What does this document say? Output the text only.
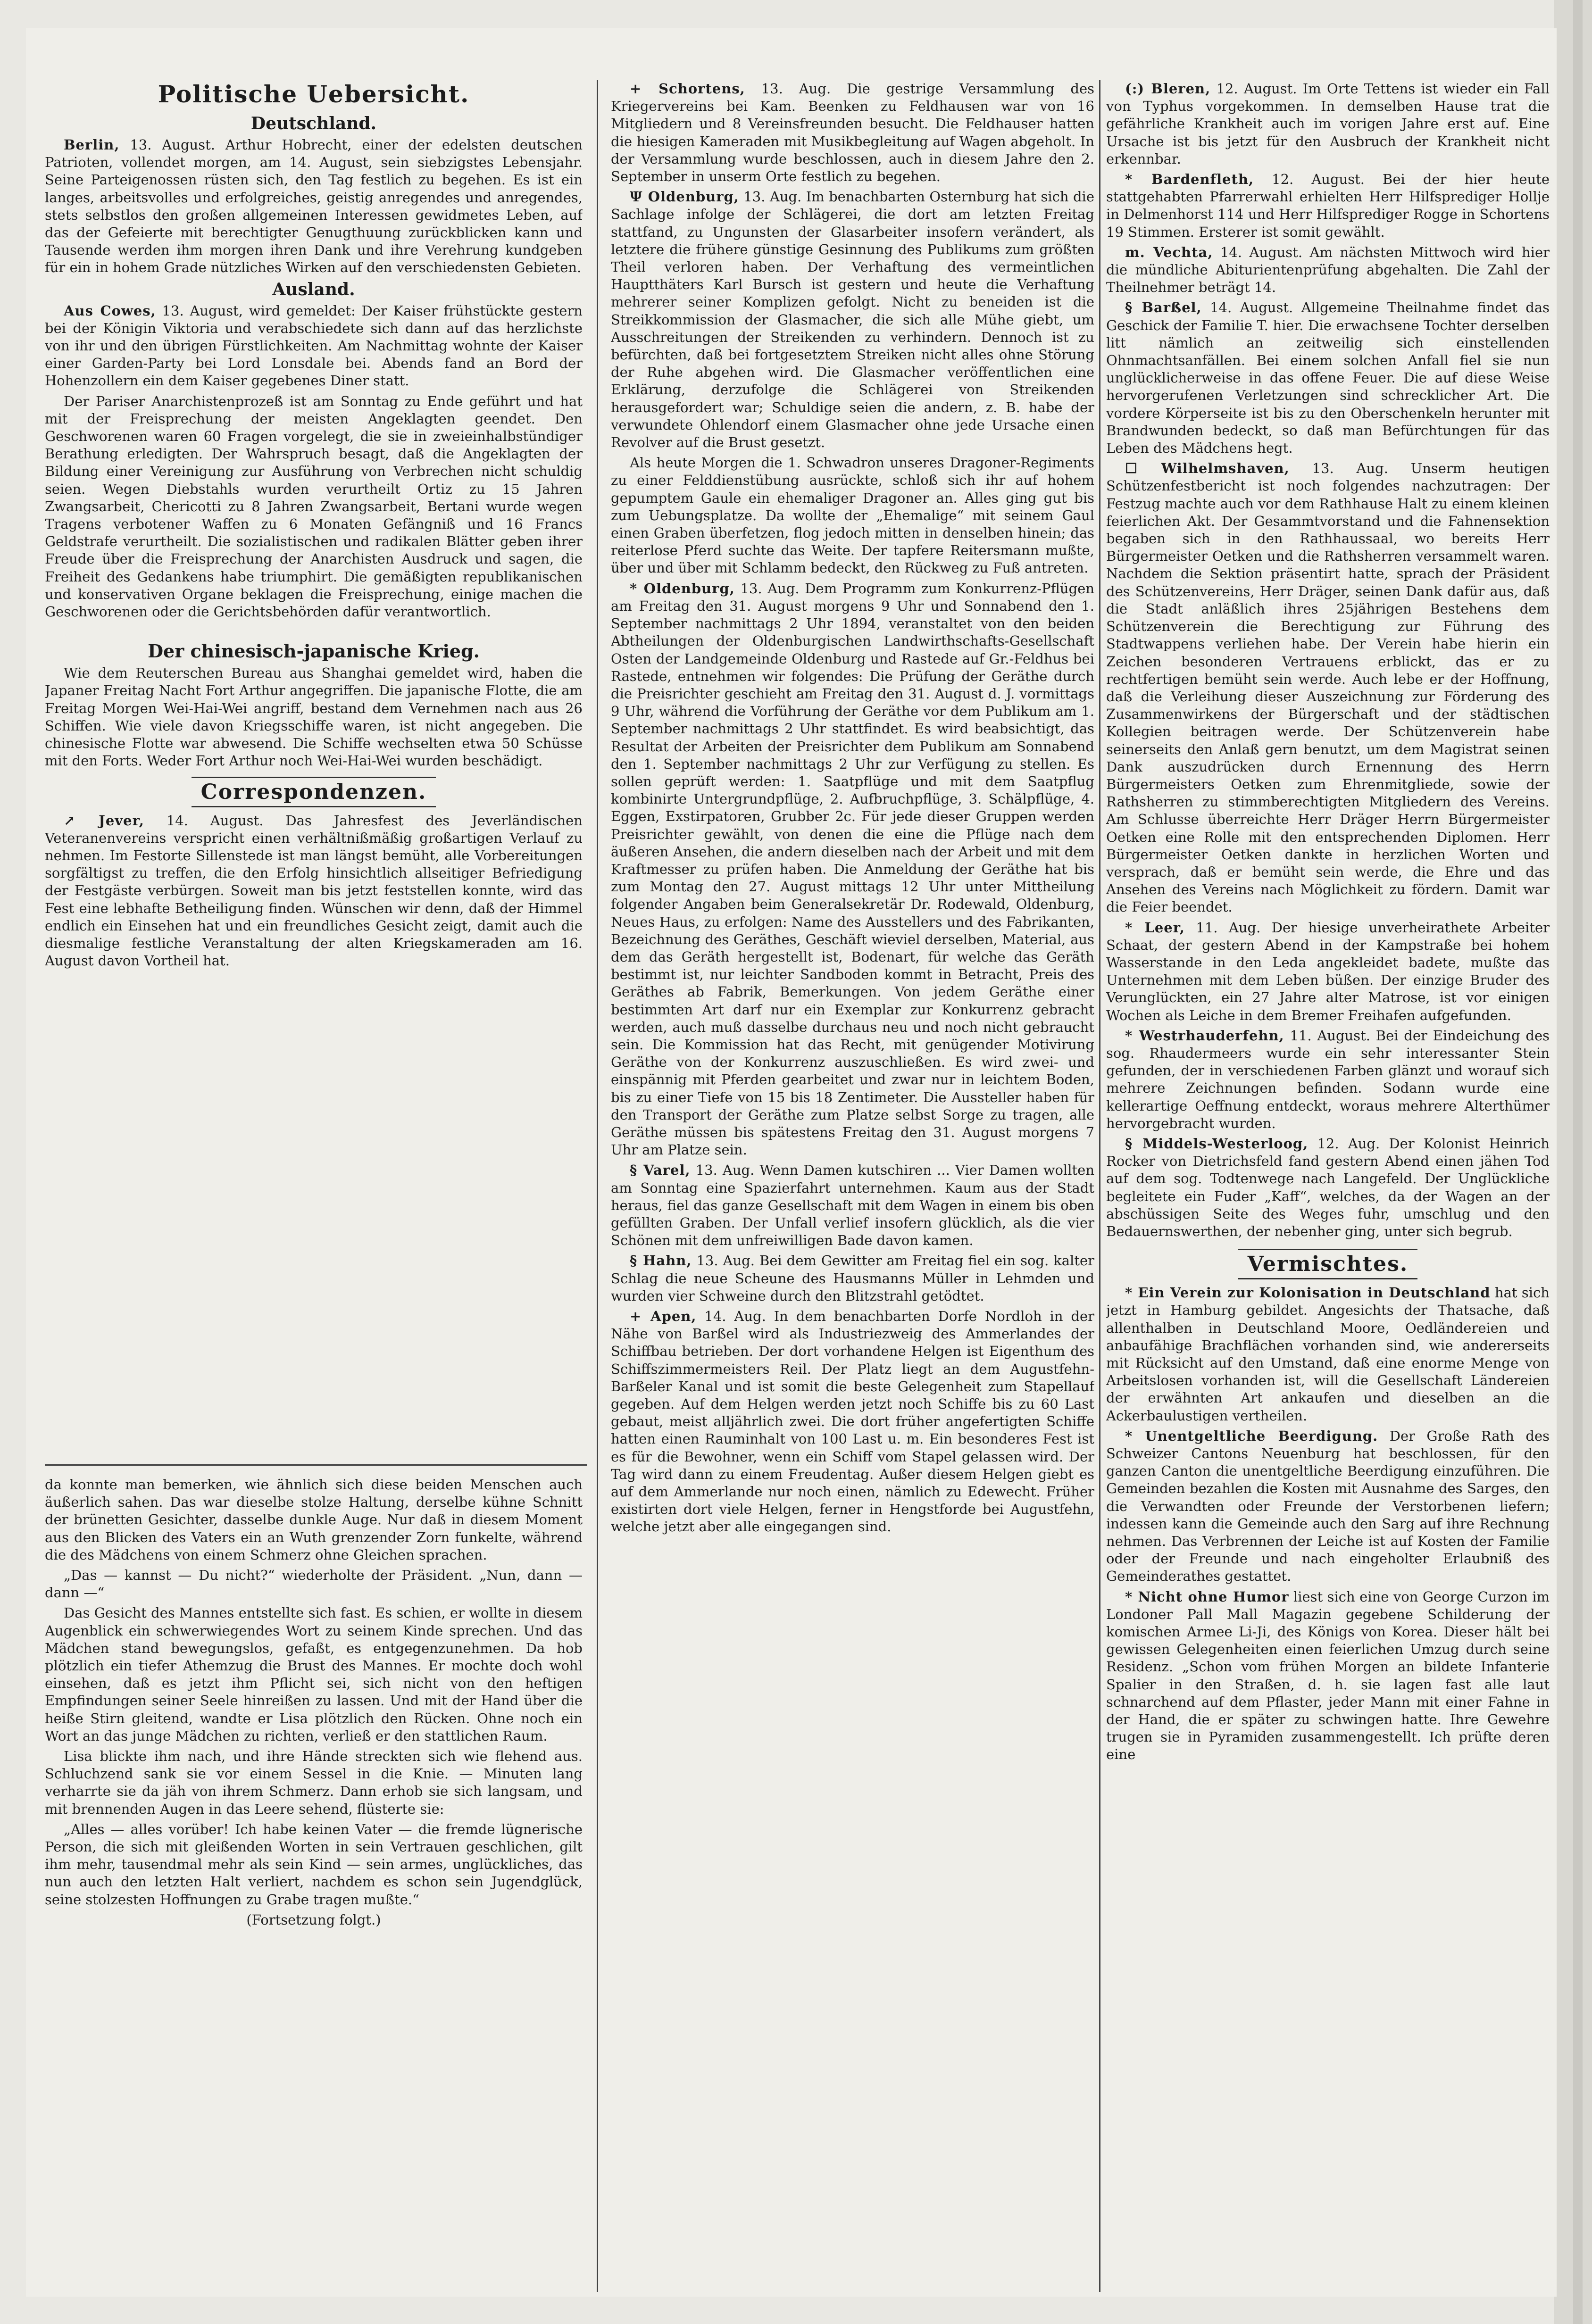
Politische Uebersicht.
Deutschland.

Berlin, 13. August. Arthur Hobrecht, einer der edelsten deutschen Patrioten, vollendet morgen, am 14. August, sein siebzigstes Lebensjahr. Seine Parteigenossen rüsten sich, den Tag festlich zu begehen. Es ist ein langes, arbeitsvolles und erfolgreiches, geistig anregendes und anregendes, stets selbstlos den großen allgemeinen Interessen gewidmetes Leben, auf das der Gefeierte mit berechtigter Genugthuung zurückblicken kann und Tausende werden ihm morgen ihren Dank und ihre Verehrung kundgeben für ein in hohem Grade nützliches Wirken auf den verschiedensten Gebieten.

Ausland.

Aus Cowes, 13. August, wird gemeldet: Der Kaiser frühstückte gestern bei der Königin Viktoria und verabschiedete sich dann auf das herzlichste von ihr und den übrigen Fürstlichkeiten. Am Nachmittag wohnte der Kaiser einer Garden-Party bei Lord Lonsdale bei. Abends fand an Bord der Hohenzollern ein dem Kaiser gegebenes Diner statt.

Der Pariser Anarchistenprozeß ist am Sonntag zu Ende geführt und hat mit der Freisprechung der meisten Angeklagten geendet. Den Geschworenen waren 60 Fragen vorgelegt, die sie in zweieinhalbstündiger Berathung erledigten. Der Wahrspruch besagt, daß die Angeklagten der Bildung einer Vereinigung zur Ausführung von Verbrechen nicht schuldig seien. Wegen Diebstahls wurden verurtheilt Ortiz zu 15 Jahren Zwangsarbeit, Chericotti zu 8 Jahren Zwangsarbeit, Bertani wurde wegen Tragens verbotener Waffen zu 6 Monaten Gefängniß und 16 Francs Geldstrafe verurtheilt. Die sozialistischen und radikalen Blätter geben ihrer Freude über die Freisprechung der Anarchisten Ausdruck und sagen, die Freiheit des Gedankens habe triumphirt. Die gemäßigten republikanischen und konservativen Organe beklagen die Freisprechung, einige machen die Geschworenen oder die Gerichtsbehörden dafür verantwortlich.

Der chinesisch-japanische Krieg.

Wie dem Reuterschen Bureau aus Shanghai gemeldet wird, haben die Japaner Freitag Nacht Fort Arthur angegriffen. Die japanische Flotte, die am Freitag Morgen Wei-Hai-Wei angriff, bestand dem Vernehmen nach aus 26 Schiffen. Wie viele davon Kriegsschiffe waren, ist nicht angegeben. Die chinesische Flotte war abwesend. Die Schiffe wechselten etwa 50 Schüsse mit den Forts. Weder Fort Arthur noch Wei-Hai-Wei wurden beschädigt.

Correspondenzen.

↗ Jever, 14. August. Das Jahresfest des Jeverländischen Veteranenvereins verspricht einen verhältnißmäßig großartigen Verlauf zu nehmen. Im Festorte Sillenstede ist man längst bemüht, alle Vorbereitungen sorgfältigst zu treffen, die den Erfolg hinsichtlich allseitiger Befriedigung der Festgäste verbürgen. Soweit man bis jetzt feststellen konnte, wird das Fest eine lebhafte Betheiligung finden. Wünschen wir denn, daß der Himmel endlich ein Einsehen hat und ein freundliches Gesicht zeigt, damit auch die diesmalige festliche Veranstaltung der alten Kriegskameraden am 16. August davon Vortheil hat.

da konnte man bemerken, wie ähnlich sich diese beiden Menschen auch äußerlich sahen. Das war dieselbe stolze Haltung, derselbe kühne Schnitt der brünetten Gesichter, dasselbe dunkle Auge. Nur daß in diesem Moment aus den Blicken des Vaters ein an Wuth grenzender Zorn funkelte, während die des Mädchens von einem Schmerz ohne Gleichen sprachen.

„Das — kannst — Du nicht?“ wiederholte der Präsident. „Nun, dann — dann —“

Das Gesicht des Mannes entstellte sich fast. Es schien, er wollte in diesem Augenblick ein schwerwiegendes Wort zu seinem Kinde sprechen. Und das Mädchen stand bewegungslos, gefaßt, es entgegenzunehmen. Da hob plötzlich ein tiefer Athemzug die Brust des Mannes. Er mochte doch wohl einsehen, daß es jetzt ihm Pflicht sei, sich nicht von den heftigen Empfindungen seiner Seele hinreißen zu lassen. Und mit der Hand über die heiße Stirn gleitend, wandte er Lisa plötzlich den Rücken. Ohne noch ein Wort an das junge Mädchen zu richten, verließ er den stattlichen Raum.

Lisa blickte ihm nach, und ihre Hände streckten sich wie flehend aus. Schluchzend sank sie vor einem Sessel in die Knie. — Minuten lang verharrte sie da jäh von ihrem Schmerz. Dann erhob sie sich langsam, und mit brennenden Augen in das Leere sehend, flüsterte sie:

„Alles — alles vorüber! Ich habe keinen Vater — die fremde lügnerische Person, die sich mit gleißenden Worten in sein Vertrauen geschlichen, gilt ihm mehr, tausendmal mehr als sein Kind — sein armes, unglückliches, das nun auch den letzten Halt verliert, nachdem es schon sein Jugendglück, seine stolzesten Hoffnungen zu Grabe tragen mußte.“

(Fortsetzung folgt.)

+ Schortens, 13. Aug. Die gestrige Versammlung des Kriegervereins bei Kam. Beenken zu Feldhausen war von 16 Mitgliedern und 8 Vereinsfreunden besucht. Die Feldhauser hatten die hiesigen Kameraden mit Musikbegleitung auf Wagen abgeholt. In der Versammlung wurde beschlossen, auch in diesem Jahre den 2. September in unserm Orte festlich zu begehen.

Ψ Oldenburg, 13. Aug. Im benachbarten Osternburg hat sich die Sachlage infolge der Schlägerei, die dort am letzten Freitag stattfand, zu Ungunsten der Glasarbeiter insofern verändert, als letztere die frühere günstige Gesinnung des Publikums zum größten Theil verloren haben. Der Verhaftung des vermeintlichen Hauptthäters Karl Bursch ist gestern und heute die Verhaftung mehrerer seiner Komplizen gefolgt. Nicht zu beneiden ist die Streikkommission der Glasmacher, die sich alle Mühe giebt, um Ausschreitungen der Streikenden zu verhindern. Dennoch ist zu befürchten, daß bei fortgesetztem Streiken nicht alles ohne Störung der Ruhe abgehen wird. Die Glasmacher veröffentlichen eine Erklärung, derzufolge die Schlägerei von Streikenden herausgefordert war; Schuldige seien die andern, z. B. habe der verwundete Ohlendorf einem Glasmacher ohne jede Ursache einen Revolver auf die Brust gesetzt.

Als heute Morgen die 1. Schwadron unseres Dragoner-Regiments zu einer Felddienstübung ausrückte, schloß sich ihr auf hohem gepumptem Gaule ein ehemaliger Dragoner an. Alles ging gut bis zum Uebungsplatze. Da wollte der „Ehemalige“ mit seinem Gaul einen Graben überfetzen, flog jedoch mitten in denselben hinein; das reiterlose Pferd suchte das Weite. Der tapfere Reitersmann mußte, über und über mit Schlamm bedeckt, den Rückweg zu Fuß antreten.

* Oldenburg, 13. Aug. Dem Programm zum Konkurrenz-Pflügen am Freitag den 31. August morgens 9 Uhr und Sonnabend den 1. September nachmittags 2 Uhr 1894, veranstaltet von den beiden Abtheilungen der Oldenburgischen Landwirthschafts-Gesellschaft Osten der Landgemeinde Oldenburg und Rastede auf Gr.-Feldhus bei Rastede, entnehmen wir folgendes: Die Prüfung der Geräthe durch die Preisrichter geschieht am Freitag den 31. August d. J. vormittags 9 Uhr, während die Vorführung der Geräthe vor dem Publikum am 1. September nachmittags 2 Uhr stattfindet. Es wird beabsichtigt, das Resultat der Arbeiten der Preisrichter dem Publikum am Sonnabend den 1. September nachmittags 2 Uhr zur Verfügung zu stellen. Es sollen geprüft werden: 1. Saatpflüge und mit dem Saatpflug kombinirte Untergrundpflüge, 2. Aufbruchpflüge, 3. Schälpflüge, 4. Eggen, Exstirpatoren, Grubber 2c. Für jede dieser Gruppen werden Preisrichter gewählt, von denen die eine die Pflüge nach dem äußeren Ansehen, die andern dieselben nach der Arbeit und mit dem Kraftmesser zu prüfen haben. Die Anmeldung der Geräthe hat bis zum Montag den 27. August mittags 12 Uhr unter Mittheilung folgender Angaben beim Generalsekretär Dr. Rodewald, Oldenburg, Neues Haus, zu erfolgen: Name des Ausstellers und des Fabrikanten, Bezeichnung des Geräthes, Geschäft wieviel derselben, Material, aus dem das Geräth hergestellt ist, Bodenart, für welche das Geräth bestimmt ist, nur leichter Sandboden kommt in Betracht, Preis des Geräthes ab Fabrik, Bemerkungen. Von jedem Geräthe einer bestimmten Art darf nur ein Exemplar zur Konkurrenz gebracht werden, auch muß dasselbe durchaus neu und noch nicht gebraucht sein. Die Kommission hat das Recht, mit genügender Motivirung Geräthe von der Konkurrenz auszuschließen. Es wird zwei- und einspännig mit Pferden gearbeitet und zwar nur in leichtem Boden, bis zu einer Tiefe von 15 bis 18 Zentimeter. Die Aussteller haben für den Transport der Geräthe zum Platze selbst Sorge zu tragen, alle Geräthe müssen bis spätestens Freitag den 31. August morgens 7 Uhr am Platze sein.

§ Varel, 13. Aug. Wenn Damen kutschiren ... Vier Damen wollten am Sonntag eine Spazierfahrt unternehmen. Kaum aus der Stadt heraus, fiel das ganze Gesellschaft mit dem Wagen in einem bis oben gefüllten Graben. Der Unfall verlief insofern glücklich, als die vier Schönen mit dem unfreiwilligen Bade davon kamen.

§ Hahn, 13. Aug. Bei dem Gewitter am Freitag fiel ein sog. kalter Schlag die neue Scheune des Hausmanns Müller in Lehmden und wurden vier Schweine durch den Blitzstrahl getödtet.

+ Apen, 14. Aug. In dem benachbarten Dorfe Nordloh in der Nähe von Barßel wird als Industriezweig des Ammerlandes der Schiffbau betrieben. Der dort vorhandene Helgen ist Eigenthum des Schiffszimmermeisters Reil. Der Platz liegt an dem Augustfehn-Barßeler Kanal und ist somit die beste Gelegenheit zum Stapellauf gegeben. Auf dem Helgen werden jetzt noch Schiffe bis zu 60 Last gebaut, meist alljährlich zwei. Die dort früher angefertigten Schiffe hatten einen Rauminhalt von 100 Last u. m. Ein besonderes Fest ist es für die Bewohner, wenn ein Schiff vom Stapel gelassen wird. Der Tag wird dann zu einem Freudentag. Außer diesem Helgen giebt es auf dem Ammerlande nur noch einen, nämlich zu Edewecht. Früher existirten dort viele Helgen, ferner in Hengstforde bei Augustfehn, welche jetzt aber alle eingegangen sind.

(:) Bleren, 12. August. Im Orte Tettens ist wieder ein Fall von Typhus vorgekommen. In demselben Hause trat die gefährliche Krankheit auch im vorigen Jahre erst auf. Eine Ursache ist bis jetzt für den Ausbruch der Krankheit nicht erkennbar.

* Bardenfleth, 12. August. Bei der hier heute stattgehabten Pfarrerwahl erhielten Herr Hilfsprediger Hollje in Delmenhorst 114 und Herr Hilfsprediger Rogge in Schortens 19 Stimmen. Ersterer ist somit gewählt.

m. Vechta, 14. August. Am nächsten Mittwoch wird hier die mündliche Abiturientenprüfung abgehalten. Die Zahl der Theilnehmer beträgt 14.

§ Barßel, 14. August. Allgemeine Theilnahme findet das Geschick der Familie T. hier. Die erwachsene Tochter derselben litt nämlich an zeitweilig sich einstellenden Ohnmachtsanfällen. Bei einem solchen Anfall fiel sie nun unglücklicherweise in das offene Feuer. Die auf diese Weise hervorgerufenen Verletzungen sind schrecklicher Art. Die vordere Körperseite ist bis zu den Oberschenkeln herunter mit Brandwunden bedeckt, so daß man Befürchtungen für das Leben des Mädchens hegt.

☐ Wilhelmshaven, 13. Aug. Unserm heutigen Schützenfestbericht ist noch folgendes nachzutragen: Der Festzug machte auch vor dem Rathhause Halt zu einem kleinen feierlichen Akt. Der Gesammtvorstand und die Fahnensektion begaben sich in den Rathhaussaal, wo bereits Herr Bürgermeister Oetken und die Rathsherren versammelt waren. Nachdem die Sektion präsentirt hatte, sprach der Präsident des Schützenvereins, Herr Dräger, seinen Dank dafür aus, daß die Stadt anläßlich ihres 25jährigen Bestehens dem Schützenverein die Berechtigung zur Führung des Stadtwappens verliehen habe. Der Verein habe hierin ein Zeichen besonderen Vertrauens erblickt, das er zu rechtfertigen bemüht sein werde. Auch lebe er der Hoffnung, daß die Verleihung dieser Auszeichnung zur Förderung des Zusammenwirkens der Bürgerschaft und der städtischen Kollegien beitragen werde. Der Schützenverein habe seinerseits den Anlaß gern benutzt, um dem Magistrat seinen Dank auszudrücken durch Ernennung des Herrn Bürgermeisters Oetken zum Ehrenmitgliede, sowie der Rathsherren zu stimmberechtigten Mitgliedern des Vereins. Am Schlusse überreichte Herr Dräger Herrn Bürgermeister Oetken eine Rolle mit den entsprechenden Diplomen. Herr Bürgermeister Oetken dankte in herzlichen Worten und versprach, daß er bemüht sein werde, die Ehre und das Ansehen des Vereins nach Möglichkeit zu fördern. Damit war die Feier beendet.

* Leer, 11. Aug. Der hiesige unverheirathete Arbeiter Schaat, der gestern Abend in der Kampstraße bei hohem Wasserstande in den Leda angekleidet badete, mußte das Unternehmen mit dem Leben büßen. Der einzige Bruder des Verunglückten, ein 27 Jahre alter Matrose, ist vor einigen Wochen als Leiche in dem Bremer Freihafen aufgefunden.

* Westrhauderfehn, 11. August. Bei der Eindeichung des sog. Rhaudermeers wurde ein sehr interessanter Stein gefunden, der in verschiedenen Farben glänzt und worauf sich mehrere Zeichnungen befinden. Sodann wurde eine kellerartige Oeffnung entdeckt, woraus mehrere Alterthümer hervorgebracht wurden.

§ Middels-Westerloog, 12. Aug. Der Kolonist Heinrich Rocker von Dietrichsfeld fand gestern Abend einen jähen Tod auf dem sog. Todtenwege nach Langefeld. Der Unglückliche begleitete ein Fuder „Kaff“, welches, da der Wagen an der abschüssigen Seite des Weges fuhr, umschlug und den Bedauernswerthen, der nebenher ging, unter sich begrub.

Vermischtes.

* Ein Verein zur Kolonisation in Deutschland hat sich jetzt in Hamburg gebildet. Angesichts der Thatsache, daß allenthalben in Deutschland Moore, Oedländereien und anbaufähige Brachflächen vorhanden sind, wie andererseits mit Rücksicht auf den Umstand, daß eine enorme Menge von Arbeitslosen vorhanden ist, will die Gesellschaft Ländereien der erwähnten Art ankaufen und dieselben an die Ackerbaulustigen vertheilen.

* Unentgeltliche Beerdigung. Der Große Rath des Schweizer Cantons Neuenburg hat beschlossen, für den ganzen Canton die unentgeltliche Beerdigung einzuführen. Die Gemeinden bezahlen die Kosten mit Ausnahme des Sarges, den die Verwandten oder Freunde der Verstorbenen liefern; indessen kann die Gemeinde auch den Sarg auf ihre Rechnung nehmen. Das Verbrennen der Leiche ist auf Kosten der Familie oder der Freunde und nach eingeholter Erlaubniß des Gemeinderathes gestattet.

* Nicht ohne Humor liest sich eine von George Curzon im Londoner Pall Mall Magazin gegebene Schilderung der komischen Armee Li-Ji, des Königs von Korea. Dieser hält bei gewissen Gelegenheiten einen feierlichen Umzug durch seine Residenz. „Schon vom frühen Morgen an bildete Infanterie Spalier in den Straßen, d. h. sie lagen fast alle laut schnarchend auf dem Pflaster, jeder Mann mit einer Fahne in der Hand, die er später zu schwingen hatte. Ihre Gewehre trugen sie in Pyramiden zusammengestellt. Ich prüfte deren eine
